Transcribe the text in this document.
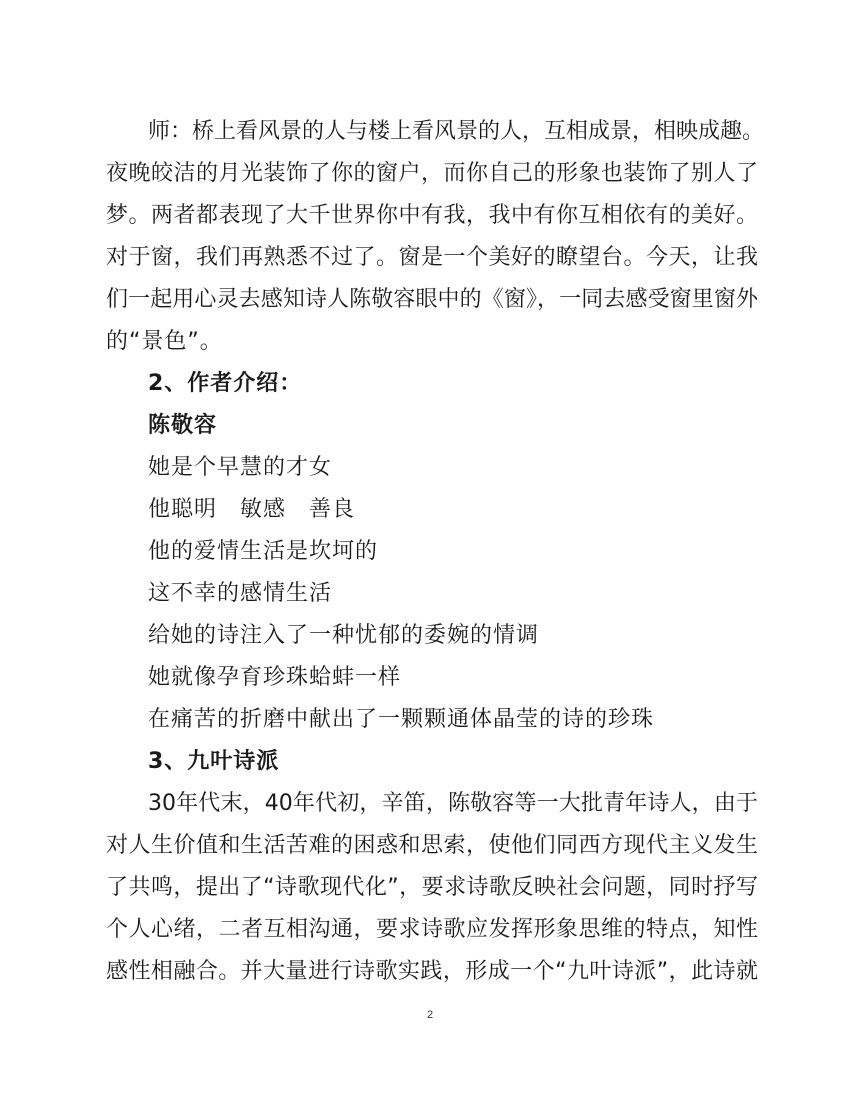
师：桥上看风景的人与楼上看风景的人，互相成景，相映成趣。
夜晚皎洁的月光装饰了你的窗户，而你自己的形象也装饰了别人了
梦。两者都表现了大千世界你中有我，我中有你互相依有的美好。
对于窗，我们再熟悉不过了。窗是一个美好的瞭望台。今天，让我
们一起用心灵去感知诗人陈敬容眼中的《窗》，一同去感受窗里窗外
的“景色”。
2、作者介绍：
陈敬容
她是个早慧的才女
他聪明　敏感　善良
他的爱情生活是坎坷的
这不幸的感情生活
给她的诗注入了一种忧郁的委婉的情调
她就像孕育珍珠蛤蚌一样
在痛苦的折磨中献出了一颗颗通体晶莹的诗的珍珠
3、九叶诗派
30年代末，40年代初，辛笛，陈敬容等一大批青年诗人，由于
对人生价值和生活苦难的困惑和思索，使他们同西方现代主义发生
了共鸣，提出了“诗歌现代化”，要求诗歌反映社会问题，同时抒写
个人心绪，二者互相沟通，要求诗歌应发挥形象思维的特点，知性
感性相融合。并大量进行诗歌实践，形成一个“九叶诗派”，此诗就
2
